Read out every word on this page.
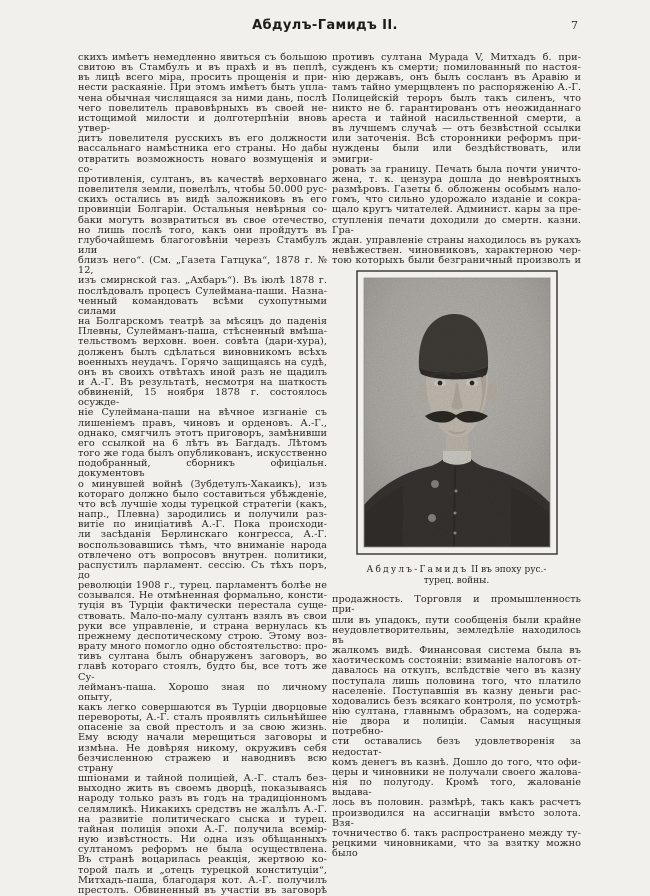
Абдулъ-Гамидъ II.	7
скихъ имѣетъ немедленно явиться съ большою
свитою въ Стамбулъ и въ прахѣ и въ пеплѣ,
въ лицѣ всего міра, просить прощенія и при-
нести раскаяніе. При этомъ имѣетъ быть упла-
чена обычная числящаяся за ними дань, послѣ
чего повелитель правовѣрныхъ въ своей не-
истощимой милости и долготерпѣніи вновь утвер-
дитъ повелителя русскихъ въ его должности
вассальнаго намѣстника его страны. Но дабы
отвратить возможность новаго возмущенія и со-
противленія, султанъ, въ качествѣ верховнаго
повелителя земли, повелѣлъ, чтобы 50.000 рус-
скихъ остались въ видѣ заложниковъ въ его
провинціи Болгаріи. Остальныя невѣрныя со-
баки могутъ возвратиться въ свое отечество,
но лишь послѣ того, какъ они пройдутъ въ
глубочайшемъ благоговѣніи черезъ Стамбулъ или
близъ него“. (См. „Газета Гатцука“, 1878 г. № 12,
изъ смирнской газ. „Ахбаръ“). Въ іюлѣ 1878 г.
послѣдовалъ процесъ Сулеймана-паши. Назна-
ченный командовать всѣми сухопутными силами
на Болгарскомъ театрѣ за мѣсяцъ до паденія
Плевны, Сулейманъ-паша, стѣсненный вмѣша-
тельствомъ верховн. воен. совѣта (дари-хура),
долженъ былъ сдѣлаться виновникомъ всѣхъ
военныхъ неудачъ. Горячо защищаясь на судѣ,
онъ въ своихъ отвѣтахъ иной разъ не щадилъ
и А.-Г. Въ результатѣ, несмотря на шаткость
обвиненій, 15 ноября 1878 г. состоялось осужде-
ніе Сулеймана-паши на вѣчное изгнаніе съ
лишеніемъ правъ, чиновъ и орденовъ. А.-Г.,
однако, смягчилъ этотъ приговоръ, замѣнивши
его ссылкой на 6 лѣтъ въ Багдадъ. Лѣтомъ
того же года былъ опубликованъ, искусственно
подобранный, сборникъ офиціальн. документовъ
о минувшей войнѣ (Зубдетулъ-Хакаикъ), изъ
котораго должно было составиться убѣжденіе,
что всѣ лучшіе ходы турецкой стратегіи (какъ,
напр., Плевна) зародились и получили раз-
витіе по иниціативѣ А.-Г. Пока происходи-
ли засѣданія Берлинскаго конгресса, А.-Г.
воспользовавшись тѣмъ, что вниманіе народа
отвлечено отъ вопросовъ внутрен. политики,
распустилъ парламент. сессію. Съ тѣхъ поръ, до
революціи 1908 г., турец. парламентъ болѣе не
созывался. Не отмѣненная формально, консти-
туція въ Турціи фактически перестала суще-
ствовать. Мало-по-малу султанъ взялъ въ свои
руки все управленіе, и страна вернулась къ
прежнему деспотическому строю. Этому воз-
врату много помогло одно обстоятельство: про-
тивъ султана былъ обнаруженъ заговоръ, во
главѣ котораго стоялъ, будто бы, все тотъ же Су-
лейманъ-паша. Хорошо зная по личному опыту,
какъ легко совершаются въ Турціи дворцовые
перевороты, А.-Г. сталъ проявлять сильнѣйшее
опасеніе за свой престолъ и за свою жизнь.
Ему всюду начали мерещиться заговоры и
измѣна. Не довѣряя никому, окруживъ себя
безчисленною стражею и наводнивъ всю страну
шпіонами и тайной полиціей, А.-Г. сталъ без-
выходно жить въ своемъ дворцѣ, показываясь
народу только разъ въ годъ на традиціонномъ
селямликѣ. Никакихъ средствъ не жалѣлъ А.-Г.
на развитіе политическаго сыска и турец.
тайная полиція эпохи А.-Г. получила всемір-
ную извѣстность. Ни одна изъ обѣщанныхъ
султаномъ реформъ не была осуществлена.
Въ странѣ воцарилась реакція, жертвою ко-
торой палъ и „отецъ турецкой конституціи“,
Митхадъ-паша, благодаря кот. А.-Г. получилъ
престолъ. Обвиненный въ участіи въ заговорѣ
противъ султана Мурада V, Митхадъ б. при-
сужденъ къ смерти; помилованный по настоя-
нію державъ, онъ былъ сосланъ въ Аравію и
тамъ тайно умерщвленъ по распоряженію А.-Г.
Полицейскій тероръ былъ такъ силенъ, что
никто не б. гарантированъ отъ неожиданнаго
ареста и тайной насильственной смерти, а
въ лучшемъ случаѣ — отъ безвѣстной ссылки
или заточенія. Всѣ сторонники реформъ при-
нуждены были или бездѣйствовать, или эмигри-
ровать за границу. Печать была почти уничто-
жена, т. к. цензура дошла до невѣроятныхъ
размѣровъ. Газеты б. обложены особымъ нало-
гомъ, что сильно удорожало изданіе и сокра-
щало кругъ читателей. Админист. кары за пре-
ступленія печати доходили до смертн. казни. Гра-
ждан. управленіе страны находилось въ рукахъ
невѣжествен. чиновниковъ, характерною чер-
тою которыхъ были безграничный произволъ и
Абдулъ-Гамидъ II въ эпоху рус.-
турец. войны.
продажность. Торговля и промышленность при-
шли въ упадокъ, пути сообщенія были крайне
неудовлетворительны, земледѣліе находилось въ
жалкомъ видѣ. Финансовая система была въ
хаотическомъ состояніи: взиманіе налоговъ от-
давалось на откупъ, вслѣдствіе чего въ казну
поступала лишь половина того, что платило
населеніе. Поступавшія въ казну деньги рас-
ходовались безъ всякаго контроля, по усмотрѣ-
нію султана, главнымъ образомъ, на содержа-
ніе двора и полиціи. Самыя насущныя потребно-
сти оставались безъ удовлетворенія за недостат-
комъ денегъ въ казнѣ. Дошло до того, что офи-
церы и чиновники не получали своего жалова-
нія по полугоду. Кромѣ того, жалованіе выдава-
лось въ половин. размѣрѣ, такъ какъ расчетъ
производился на ассигнаціи вмѣсто золота. Взя-
точничество б. такъ распространено между ту-
рецкими чиновниками, что за взятку можно было
